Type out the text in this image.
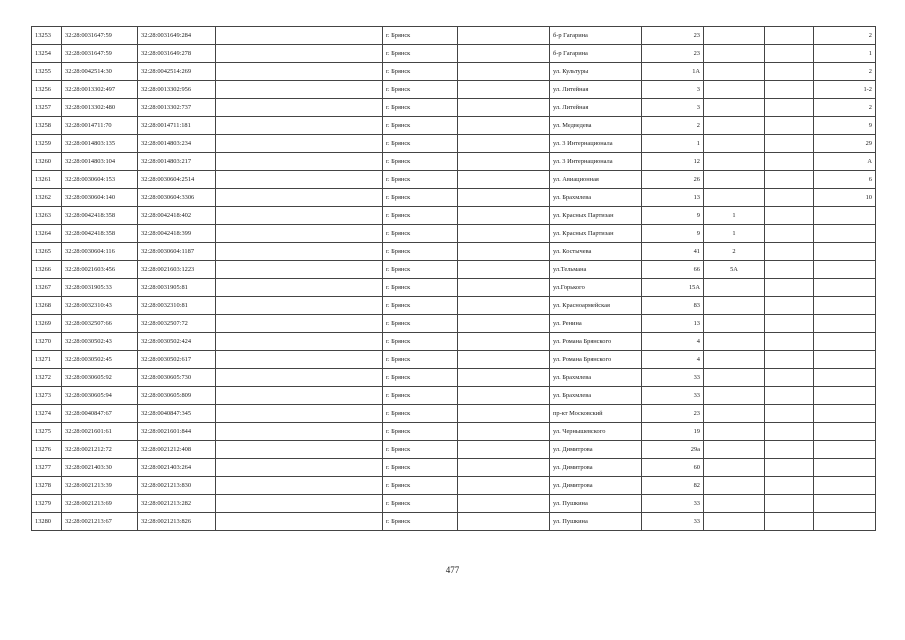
13253	32:28:0031647:59	32:28:0031649:284		г. Брянск		б-р Гагарина	23			2
13254	32:28:0031647:59	32:28:0031649:278		г. Брянск		б-р Гагарина	23			1
13255	32:28:0042514:30	32:28:0042514:269		г. Брянск		ул. Культуры	1А			2
13256	32:28:0013302:497	32:28:0013302:956		г. Брянск		ул. Литейная	3			1-2
13257	32:28:0013302:480	32:28:0013302:737		г. Брянск		ул. Литейная	3			2
13258	32:28:0014711:70	32:28:0014711:181		г. Брянск		ул. Медведева	2			9
13259	32:28:0014803:135	32:28:0014803:234		г. Брянск		ул. 3 Интернационала	1			29
13260	32:28:0014803:104	32:28:0014803:217		г. Брянск		ул. 3 Интернационала	12			А
13261	32:28:0030604:153	32:28:0030604:2514		г. Брянск		ул. Авиационная	26			6
13262	32:28:0030604:140	32:28:0030604:3306		г. Брянск		ул. Брахмлева	13			10
13263	32:28:0042418:358	32:28:0042418:402		г. Брянск		ул. Красных Партизан	9	1		
13264	32:28:0042418:358	32:28:0042418:399		г. Брянск		ул. Красных Партизан	9	1		
13265	32:28:0030604:116	32:28:0030604:1187		г. Брянск		ул. Костычева	41	2		
13266	32:28:0021603:456	32:28:0021603:1223		г. Брянск		ул.Тельмана	66	5А		
13267	32:28:0031905:33	32:28:0031905:81		г. Брянск		ул.Горького	15А			
13268	32:28:0032310:43	32:28:0032310:81		г. Брянск		ул. Красноармейская	83			
13269	32:28:0032507:66	32:28:0032507:72		г. Брянск		ул. Ренина	13			
13270	32:28:0030502:43	32:28:0030502:424		г. Брянск		ул. Романа Брянского	4			
13271	32:28:0030502:45	32:28:0030502:617		г. Брянск		ул. Романа Брянского	4			
13272	32:28:0030605:92	32:28:0030605:730		г. Брянск		ул. Брахмлева	33			
13273	32:28:0030605:94	32:28:0030605:809		г. Брянск		ул. Брахмлева	33			
13274	32:28:0040847:67	32:28:0040847:345		г. Брянск		пр-кт Московский	23			
13275	32:28:0021601:61	32:28:0021601:844		г. Брянск		ул. Чернышевского	19			
13276	32:28:0021212:72	32:28:0021212:408		г. Брянск		ул. Димитрова	29а			
13277	32:28:0021403:30	32:28:0021403:264		г. Брянск		ул. Димитрова	60			
13278	32:28:0021213:39	32:28:0021213:830		г. Брянск		ул. Димитрова	82			
13279	32:28:0021213:69	32:28:0021213:282		г. Брянск		ул. Пушкина	33			
13280	32:28:0021213:67	32:28:0021213:826		г. Брянск		ул. Пушкина	33			
477
